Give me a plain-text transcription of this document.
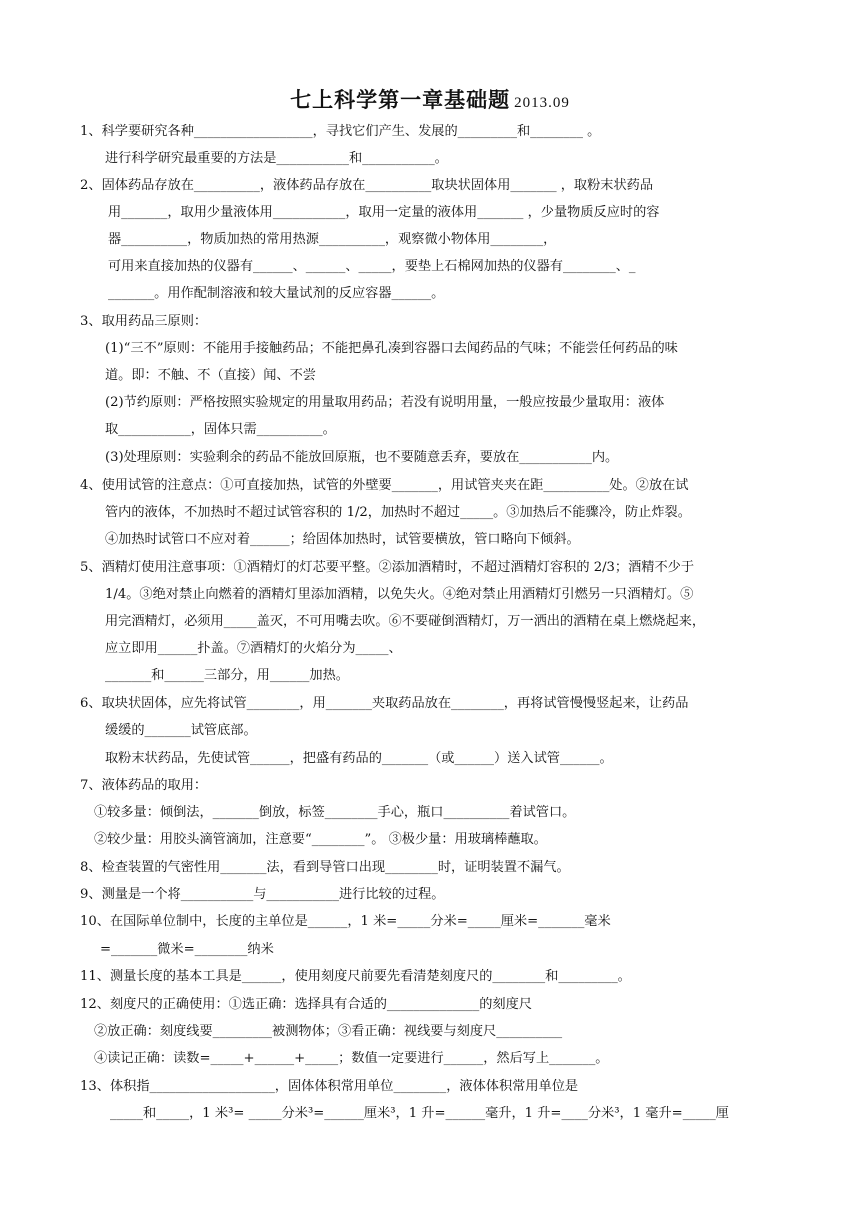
七上科学第一章基础题 2013.09
1、科学要研究各种__________________，寻找它们产生、发展的_________和________ 。
进行科学研究最重要的方法是___________和___________。
2、固体药品存放在__________，液体药品存放在__________取块状固体用_______ ，取粉末状药品
用_______，取用少量液体用___________，取用一定量的液体用_______ ，少量物质反应时的容
器__________，物质加热的常用热源__________，观察微小物体用________，
可用来直接加热的仪器有______、______、_____，要垫上石棉网加热的仪器有________、_
_______。用作配制溶液和较大量试剂的反应容器______。
3、取用药品三原则：
(1)“三不”原则：不能用手接触药品；不能把鼻孔凑到容器口去闻药品的气味；不能尝任何药品的味
道。即：不触、不（直接）闻、不尝
(2)节约原则：严格按照实验规定的用量取用药品；若没有说明用量，一般应按最少量取用：液体
取___________，固体只需__________。
(3)处理原则：实验剩余的药品不能放回原瓶，也不要随意丢弃，要放在___________内。
4、使用试管的注意点：①可直接加热，试管的外壁要_______，用试管夹夹在距__________处。②放在试
管内的液体，不加热时不超过试管容积的 1/2，加热时不超过_____。③加热后不能骤冷，防止炸裂。
④加热时试管口不应对着______；给固体加热时，试管要横放，管口略向下倾斜。
5、酒精灯使用注意事项：①酒精灯的灯芯要平整。②添加酒精时，不超过酒精灯容积的 2/3；酒精不少于
1/4。③绝对禁止向燃着的酒精灯里添加酒精，以免失火。④绝对禁止用酒精灯引燃另一只酒精灯。⑤
用完酒精灯，必须用_____盖灭，不可用嘴去吹。⑥不要碰倒酒精灯，万一洒出的酒精在桌上燃烧起来，
应立即用______扑盖。⑦酒精灯的火焰分为_____、
_______和______三部分，用______加热。
6、取块状固体，应先将试管________，用_______夹取药品放在________，再将试管慢慢竖起来，让药品
缓缓的_______试管底部。
取粉末状药品，先使试管______，把盛有药品的_______（或______）送入试管______。
7、液体药品的取用：
①较多量：倾倒法，_______倒放，标签________手心，瓶口__________着试管口。
②较少量：用胶头滴管滴加，注意要“________”。 ③极少量：用玻璃棒蘸取。
8、检查装置的气密性用_______法，看到导管口出现________时，证明装置不漏气。
9、测量是一个将___________与___________进行比较的过程。
10、在国际单位制中，长度的主单位是______，1 米=_____分米=_____厘米=_______毫米
=_______微米=________纳米
11、测量长度的基本工具是______，使用刻度尺前要先看清楚刻度尺的________和_________。
12、刻度尺的正确使用：①选正确：选择具有合适的______________的刻度尺
②放正确：刻度线要_________被测物体；③看正确：视线要与刻度尺__________
④读记正确：读数=_____+______+_____；数值一定要进行______，然后写上_______。
13、体积指___________________，固体体积常用单位________，液体体积常用单位是
_____和_____，1 米³= _____分米³=______厘米³，1 升=______毫升，1 升=____分米³，1 毫升=_____厘
